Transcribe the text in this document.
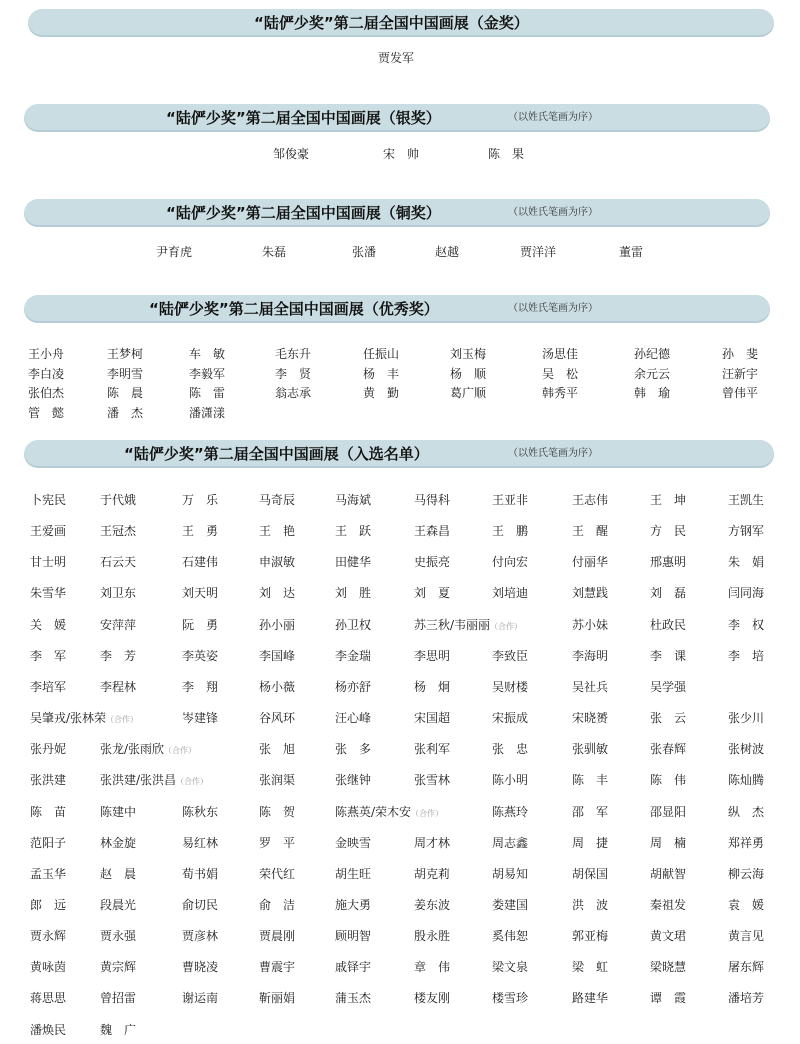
“陆俨少奖”第二届全国中国画展（金奖）
贾发军
“陆俨少奖”第二届全国中国画展（银奖）	（以姓氏笔画为序）
邹俊豪	宋　帅	陈　果
“陆俨少奖”第二届全国中国画展（铜奖）	（以姓氏笔画为序）
尹育虎	朱磊	张潘	赵越	贾洋洋	董雷
“陆俨少奖”第二届全国中国画展（优秀奖）	（以姓氏笔画为序）
王小舟	王梦柯	车　敏	毛东升	任振山	刘玉梅	汤思佳	孙纪德	孙　斐
李白凌	李明雪	李毅军	李　贤	杨　丰	杨　顺	吴　松	余元云	汪新宇
张伯杰	陈　晨	陈　雷	翁志承	黄　勤	葛广顺	韩秀平	韩　瑜	曾伟平
管　懿	潘　杰	潘潇漾
“陆俨少奖”第二届全国中国画展（入选名单）	（以姓氏笔画为序）
卜宪民	于代娥	万　乐	马奇辰	马海斌	马得科	王亚非	王志伟	王　坤	王凯生
王爱画	王冠杰	王　勇	王　艳	王　跃	王森昌	王　鹏	王　醒	方　民	方钢军
甘士明	石云天	石建伟	申淑敏	田健华	史振亮	付向宏	付丽华	邢惠明	朱　娟
朱雪华	刘卫东	刘天明	刘　达	刘　胜	刘　夏	刘培迪	刘慧践	刘　磊	闫同海
关　媛	安萍萍	阮　勇	孙小丽	孙卫权	苏三秋/韦丽丽（合作）	苏小妹	杜政民	李　权
李　军	李　芳	李英姿	李国峰	李金瑞	李思明	李致臣	李海明	李　课	李　培
李培军	李程林	李　翔	杨小薇	杨亦舒	杨　炯	吴财楼	吴社兵	吴学强
吴肇戎/张林荣（合作）	岑建锋	谷风环	汪心峰	宋国超	宋振成	宋晓赟	张　云	张少川
张丹妮	张龙/张雨欣（合作）	张　旭	张　多	张利军	张　忠	张驯敏	张春辉	张树波
张洪建	张洪建/张洪昌（合作）	张润渠	张继钟	张雪林	陈小明	陈　丰	陈　伟	陈灿腾
陈　苗	陈建中	陈秋东	陈　贺	陈燕英/荣木安（合作）	陈燕玲	邵　军	邵显阳	纵　杰
范阳子	林金旋	易红林	罗　平	金映雪	周才林	周志鑫	周　捷	周　楠	郑祥勇
孟玉华	赵　晨	荀书娟	荣代红	胡生旺	胡克莉	胡易知	胡保国	胡献智	柳云海
郎　远	段晨光	俞切民	俞　洁	施大勇	姜东波	娄建国	洪　波	秦祖发	袁　媛
贾永辉	贾永强	贾彦林	贾晨刚	顾明智	殷永胜	奚伟恕	郭亚梅	黄文珺	黄言见
黄咏茵	黄宗辉	曹晓凌	曹震宇	戚铎宇	章　伟	梁文泉	梁　虹	梁晓慧	屠东辉
蒋思思	曾招雷	谢运南	靳丽娟	蒲玉杰	楼友刚	楼雪珍	路建华	谭　霞	潘培芳
潘焕民	魏　广
